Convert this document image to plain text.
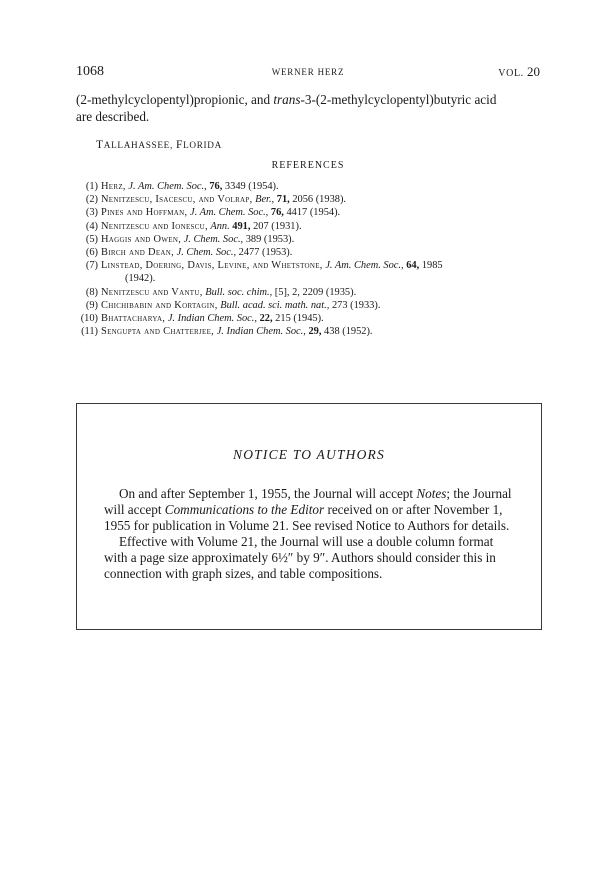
1068	WERNER HERZ	VOL. 20
(2-methylcyclopentyl)propionic, and trans-3-(2-methylcyclopentyl)butyric acid
are described.
TALLAHASSEE, FLORIDA
REFERENCES
(1) Herz, J. Am. Chem. Soc., 76, 3349 (1954).
(2) Nenitzescu, Isacescu, and Volrap, Ber., 71, 2056 (1938).
(3) Pines and Hoffman, J. Am. Chem. Soc., 76, 4417 (1954).
(4) Nenitzescu and Ionescu, Ann. 491, 207 (1931).
(5) Haggis and Owen, J. Chem. Soc., 389 (1953).
(6) Birch and Dean, J. Chem. Soc., 2477 (1953).
(7) Linstead, Doering, Davis, Levine, and Whetstone, J. Am. Chem. Soc., 64, 1985
(1942).
(8) Nenitzescu and Vantu, Bull. soc. chim., [5], 2, 2209 (1935).
(9) Chichibabin and Kortagin, Bull. acad. sci. math. nat., 273 (1933).
(10) Bhattacharya, J. Indian Chem. Soc., 22, 215 (1945).
(11) Sengupta and Chatterjee, J. Indian Chem. Soc., 29, 438 (1952).
NOTICE TO AUTHORS

On and after September 1, 1955, the Journal will accept Notes; the Journal will accept Communications to the Editor received on or after November 1, 1955 for publication in Volume 21. See revised Notice to Authors for details.

Effective with Volume 21, the Journal will use a double column format with a page size approximately 6½″ by 9″. Authors should consider this in connection with graph sizes, and table compositions.
